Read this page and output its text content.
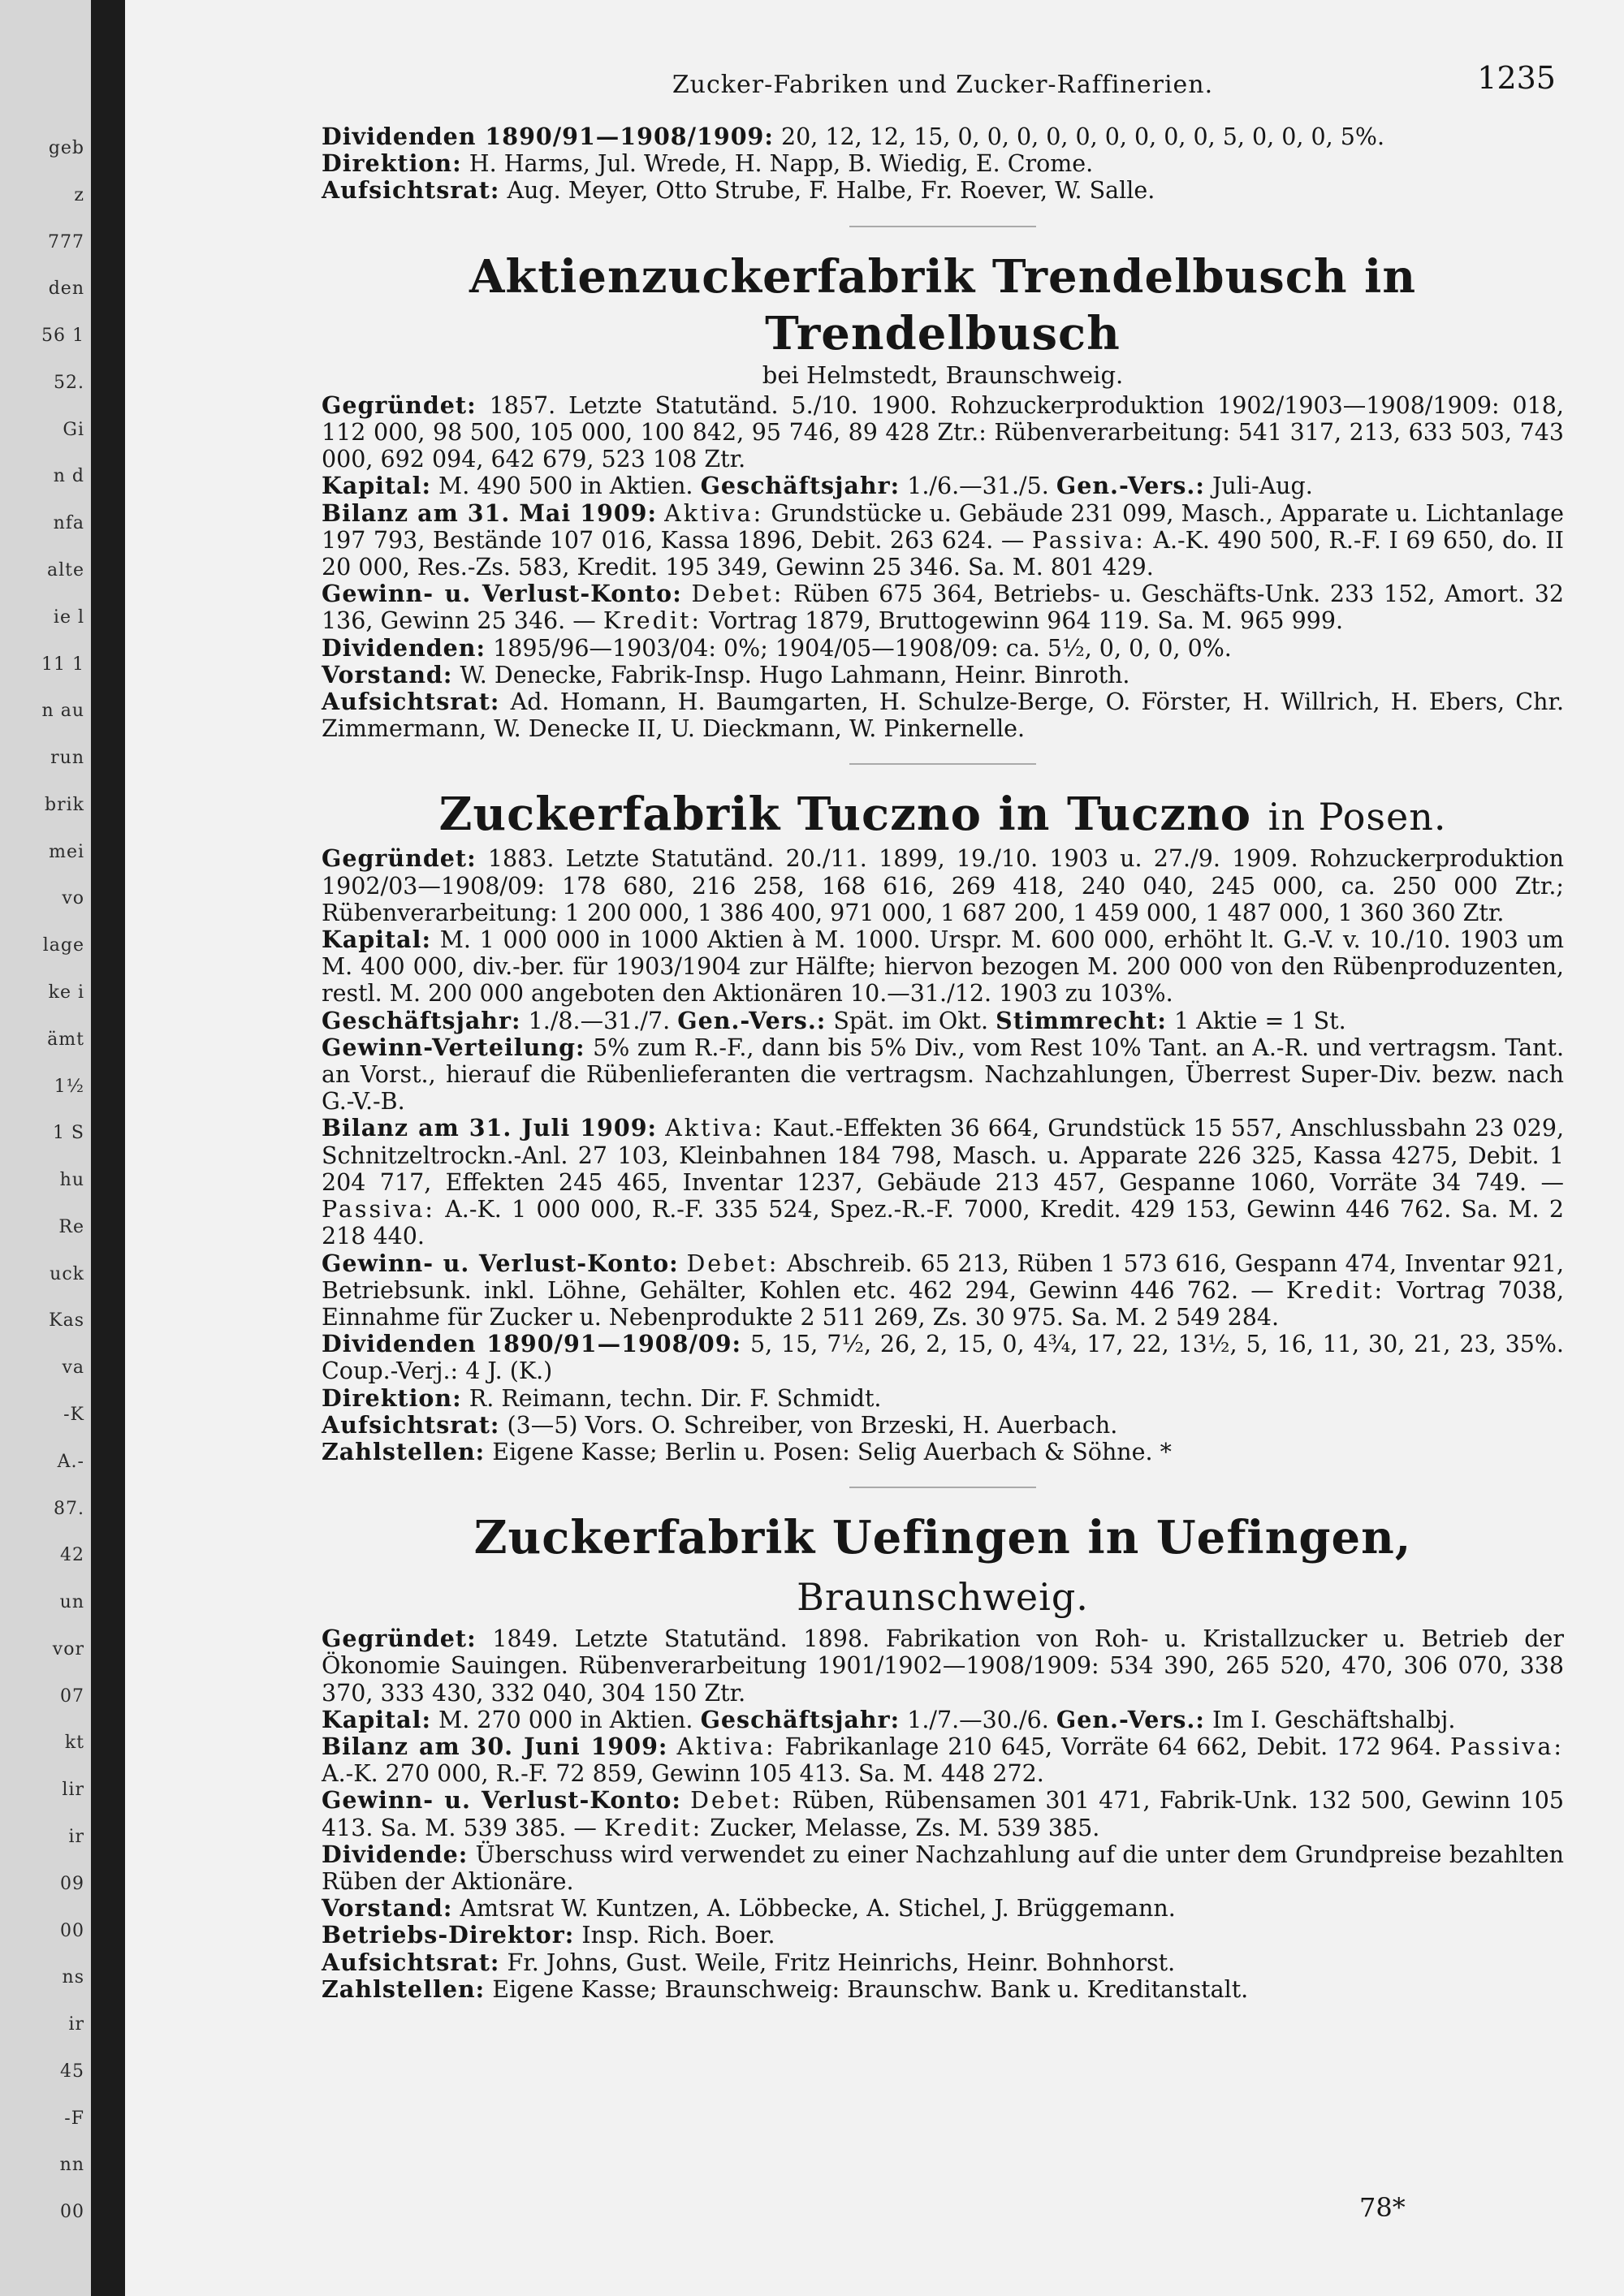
geb
z
777
den
56 1
52.
Gi
n d
nfa
alte
ie l
11 1
n au
run
brik
mei
vo
lage
ke i
ämt
1½
1 S
hu
Re
uck
Kas
va
-K
A.-
87.
42
un
vor
07
kt
lir
ir
09
00
ns
ir
45
-F
nn
00
Zucker-Fabriken und Zucker-Raffinerien.	1235

Dividenden 1890/91—1908/1909: 20, 12, 12, 15, 0, 0, 0, 0, 0, 0, 0, 0, 0, 5, 0, 0, 0, 5%.

Direktion: H. Harms, Jul. Wrede, H. Napp, B. Wiedig, E. Crome.

Aufsichtsrat: Aug. Meyer, Otto Strube, F. Halbe, Fr. Roever, W. Salle.

Aktienzuckerfabrik Trendelbusch in Trendelbusch

bei Helmstedt, Braunschweig.

Gegründet: 1857. Letzte Statutänd. 5./10. 1900. Rohzuckerproduktion 1902/1903—1908/1909: 018, 112 000, 98 500, 105 000, 100 842, 95 746, 89 428 Ztr.: Rübenverarbeitung: 541 317, 213, 633 503, 743 000, 692 094, 642 679, 523 108 Ztr.

Kapital: M. 490 500 in Aktien. Geschäftsjahr: 1./6.—31./5. Gen.-Vers.: Juli-Aug.

Bilanz am 31. Mai 1909: Aktiva: Grundstücke u. Gebäude 231 099, Masch., Apparate u. Lichtanlage 197 793, Bestände 107 016, Kassa 1896, Debit. 263 624. — Passiva: A.-K. 490 500, R.-F. I 69 650, do. II 20 000, Res.-Zs. 583, Kredit. 195 349, Gewinn 25 346. Sa. M. 801 429.

Gewinn- u. Verlust-Konto: Debet: Rüben 675 364, Betriebs- u. Geschäfts-Unk. 233 152, Amort. 32 136, Gewinn 25 346. — Kredit: Vortrag 1879, Bruttogewinn 964 119. Sa. M. 965 999.

Dividenden: 1895/96—1903/04: 0%; 1904/05—1908/09: ca. 5½, 0, 0, 0, 0%.

Vorstand: W. Denecke, Fabrik-Insp. Hugo Lahmann, Heinr. Binroth.

Aufsichtsrat: Ad. Homann, H. Baumgarten, H. Schulze-Berge, O. Förster, H. Willrich, H. Ebers, Chr. Zimmermann, W. Denecke II, U. Dieckmann, W. Pinkernelle.

Zuckerfabrik Tuczno in Tuczno in Posen.

Gegründet: 1883. Letzte Statutänd. 20./11. 1899, 19./10. 1903 u. 27./9. 1909. Rohzuckerproduktion 1902/03—1908/09: 178 680, 216 258, 168 616, 269 418, 240 040, 245 000, ca. 250 000 Ztr.; Rübenverarbeitung: 1 200 000, 1 386 400, 971 000, 1 687 200, 1 459 000, 1 487 000, 1 360 360 Ztr.

Kapital: M. 1 000 000 in 1000 Aktien à M. 1000. Urspr. M. 600 000, erhöht lt. G.-V. v. 10./10. 1903 um M. 400 000, div.-ber. für 1903/1904 zur Hälfte; hiervon bezogen M. 200 000 von den Rübenproduzenten, restl. M. 200 000 angeboten den Aktionären 10.—31./12. 1903 zu 103%.

Geschäftsjahr: 1./8.—31./7. Gen.-Vers.: Spät. im Okt. Stimmrecht: 1 Aktie = 1 St.

Gewinn-Verteilung: 5% zum R.-F., dann bis 5% Div., vom Rest 10% Tant. an A.-R. und vertragsm. Tant. an Vorst., hierauf die Rübenlieferanten die vertragsm. Nachzahlungen, Überrest Super-Div. bezw. nach G.-V.-B.

Bilanz am 31. Juli 1909: Aktiva: Kaut.-Effekten 36 664, Grundstück 15 557, Anschlussbahn 23 029, Schnitzeltrockn.-Anl. 27 103, Kleinbahnen 184 798, Masch. u. Apparate 226 325, Kassa 4275, Debit. 1 204 717, Effekten 245 465, Inventar 1237, Gebäude 213 457, Gespanne 1060, Vorräte 34 749. — Passiva: A.-K. 1 000 000, R.-F. 335 524, Spez.-R.-F. 7000, Kredit. 429 153, Gewinn 446 762. Sa. M. 2 218 440.

Gewinn- u. Verlust-Konto: Debet: Abschreib. 65 213, Rüben 1 573 616, Gespann 474, Inventar 921, Betriebsunk. inkl. Löhne, Gehälter, Kohlen etc. 462 294, Gewinn 446 762. — Kredit: Vortrag 7038, Einnahme für Zucker u. Nebenprodukte 2 511 269, Zs. 30 975. Sa. M. 2 549 284.

Dividenden 1890/91—1908/09: 5, 15, 7½, 26, 2, 15, 0, 4¾, 17, 22, 13½, 5, 16, 11, 30, 21, 23, 35%. Coup.-Verj.: 4 J. (K.)

Direktion: R. Reimann, techn. Dir. F. Schmidt.

Aufsichtsrat: (3—5) Vors. O. Schreiber, von Brzeski, H. Auerbach.

Zahlstellen: Eigene Kasse; Berlin u. Posen: Selig Auerbach & Söhne. *

Zuckerfabrik Uefingen in Uefingen, Braunschweig.

Gegründet: 1849. Letzte Statutänd. 1898. Fabrikation von Roh- u. Kristallzucker u. Betrieb der Ökonomie Sauingen. Rübenverarbeitung 1901/1902—1908/1909: 534 390, 265 520, 470, 306 070, 338 370, 333 430, 332 040, 304 150 Ztr.

Kapital: M. 270 000 in Aktien. Geschäftsjahr: 1./7.—30./6. Gen.-Vers.: Im I. Geschäftshalbj.

Bilanz am 30. Juni 1909: Aktiva: Fabrikanlage 210 645, Vorräte 64 662, Debit. 172 964. Passiva: A.-K. 270 000, R.-F. 72 859, Gewinn 105 413. Sa. M. 448 272.

Gewinn- u. Verlust-Konto: Debet: Rüben, Rübensamen 301 471, Fabrik-Unk. 132 500, Gewinn 105 413. Sa. M. 539 385. — Kredit: Zucker, Melasse, Zs. M. 539 385.

Dividende: Überschuss wird verwendet zu einer Nachzahlung auf die unter dem Grundpreise bezahlten Rüben der Aktionäre.

Vorstand: Amtsrat W. Kuntzen, A. Löbbecke, A. Stichel, J. Brüggemann.

Betriebs-Direktor: Insp. Rich. Boer.

Aufsichtsrat: Fr. Johns, Gust. Weile, Fritz Heinrichs, Heinr. Bohnhorst.

Zahlstellen: Eigene Kasse; Braunschweig: Braunschw. Bank u. Kreditanstalt.

78*
